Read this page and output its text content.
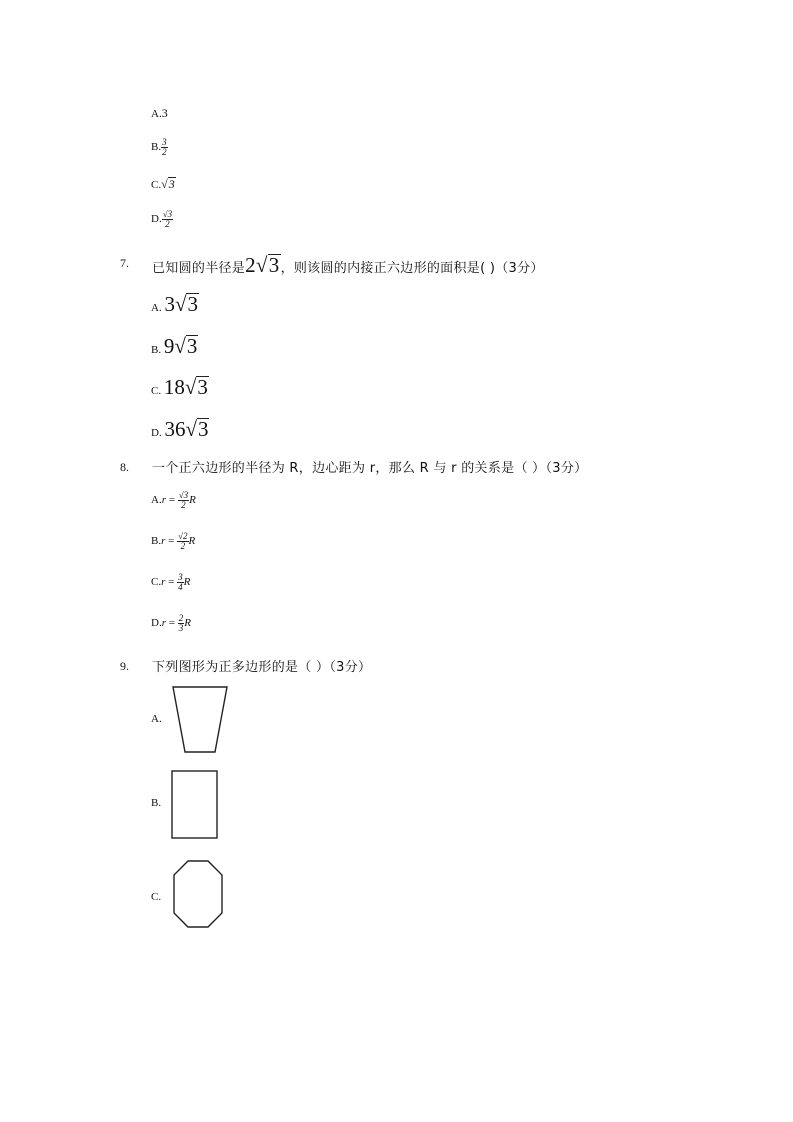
A.3
B. $\frac{3}{2}$
C.√3
D. $\frac{√3}{2}$
7. 已知圆的半径是2√3，则该圆的内接正六边形的面积是( )（3分）
A. 3√3
B. 9√3
C. 18√3
D. 36√3
8. 一个正六边形的半径为 R，边心距为 r，那么 R 与 r 的关系是（ ）（3分）
$A.r = \frac{√3}{2}$ R
$B.r = \frac{√2}{2}$ R
$C.r = \frac{3}{4}$ R
$D.r = \frac{2}{3}$ R
9. 下列图形为正多边形的是（ ）（3分）
A.
B.
C.
